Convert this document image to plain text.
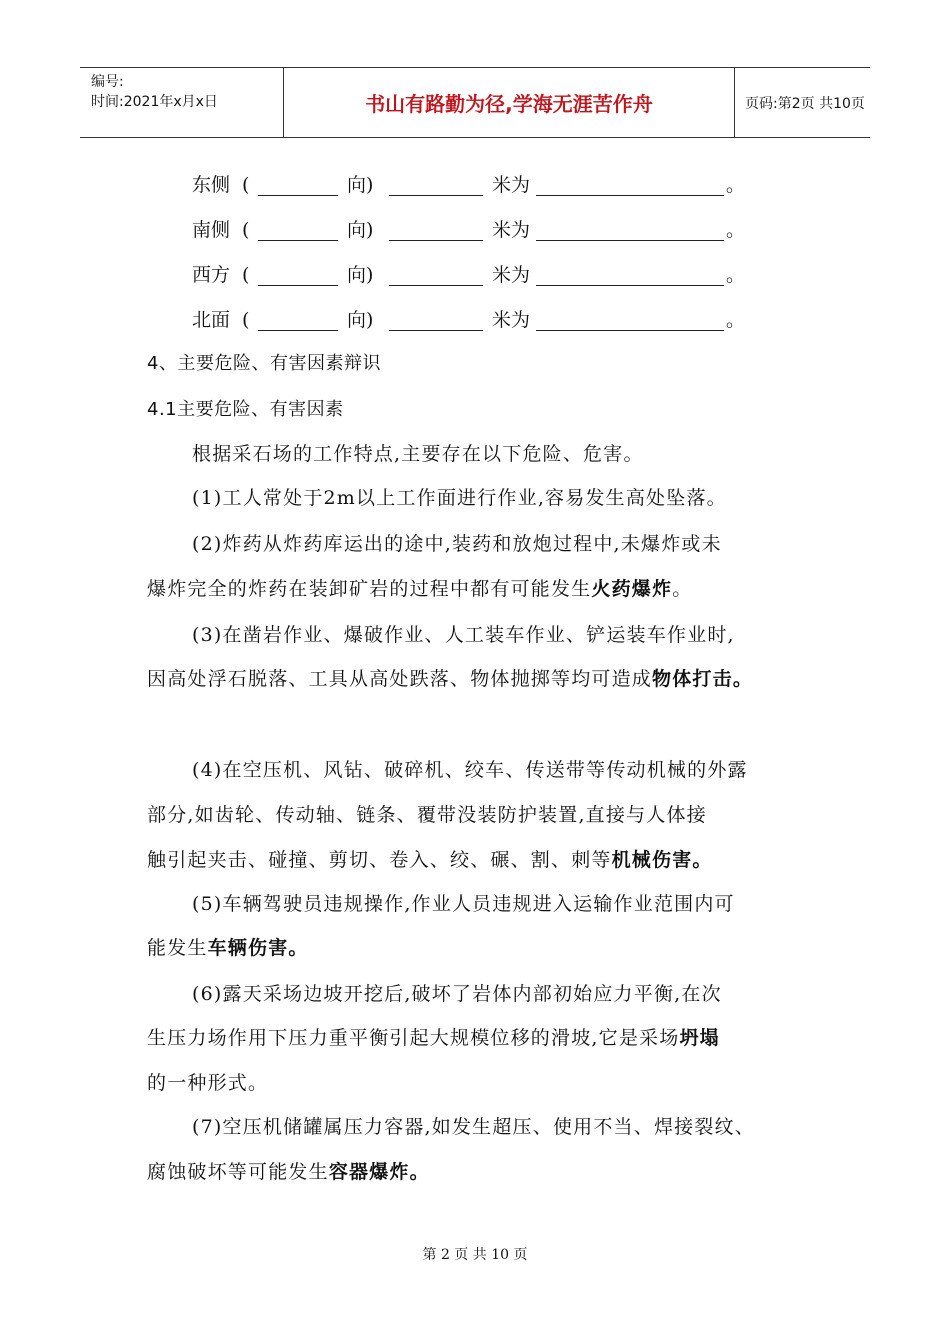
编号:
时间:2021年x月x日	书山有路勤为径,学海无涯苦作舟	页码:第2页 共10页
东侧 (	向)	米为	。
南侧 (	向)	米为	。
西方 (	向)	米为	。
北面 (	向)	米为	。
4、主要危险、有害因素辩识
4.1主要危险、有害因素
根据采石场的工作特点,主要存在以下危险、危害。
(1)工人常处于2m以上工作面进行作业,容易发生高处坠落。
(2)炸药从炸药库运出的途中,装药和放炮过程中,未爆炸或未
爆炸完全的炸药在装卸矿岩的过程中都有可能发生火药爆炸。
(3)在凿岩作业、爆破作业、人工装车作业、铲运装车作业时,
因高处浮石脱落、工具从高处跌落、物体抛掷等均可造成物体打击。
(4)在空压机、风钻、破碎机、绞车、传送带等传动机械的外露
部分,如齿轮、传动轴、链条、覆带没装防护装置,直接与人体接
触引起夹击、碰撞、剪切、卷入、绞、碾、割、刺等机械伤害。
(5)车辆驾驶员违规操作,作业人员违规进入运输作业范围内可
能发生车辆伤害。
(6)露天采场边坡开挖后,破坏了岩体内部初始应力平衡,在次
生压力场作用下压力重平衡引起大规模位移的滑坡,它是采场坍塌
的一种形式。
(7)空压机储罐属压力容器,如发生超压、使用不当、焊接裂纹、
腐蚀破坏等可能发生容器爆炸。
第 2 页 共 10 页
